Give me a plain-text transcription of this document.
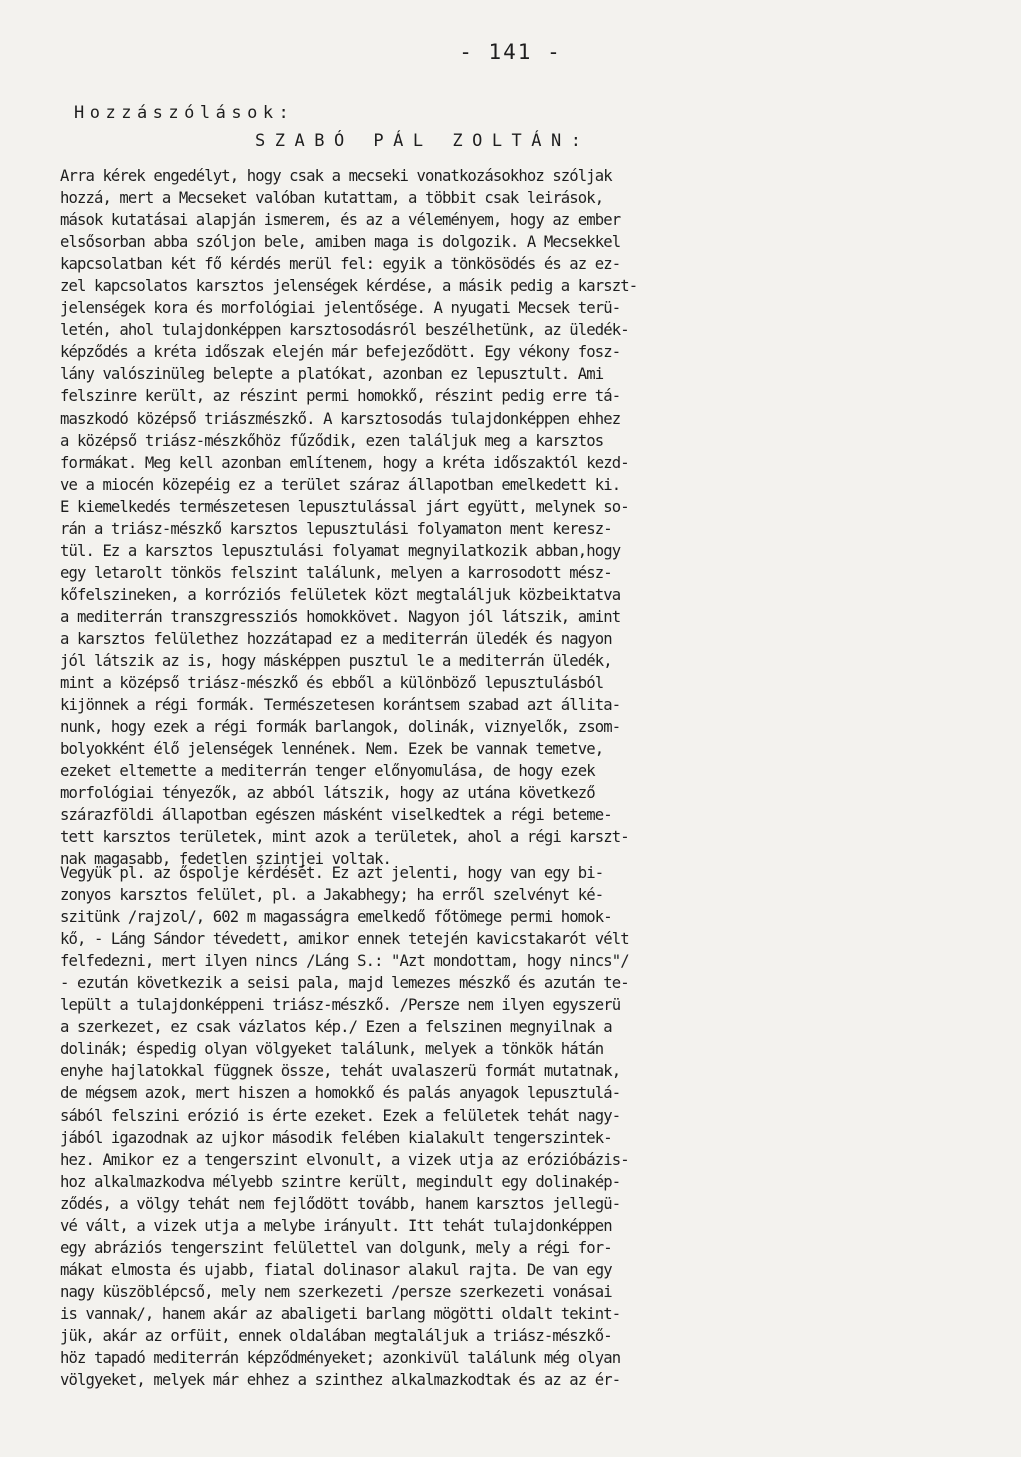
- 141 -
Hozzászólások:
SZABÓ PÁL ZOLTÁN:
Arra kérek engedélyt, hogy csak a mecseki vonatkozásokhoz szóljak
hozzá, mert a Mecseket valóban kutattam, a többit csak leirások,
mások kutatásai alapján ismerem, és az a véleményem, hogy az ember
elsősorban abba szóljon bele, amiben maga is dolgozik. A Mecsekkel
kapcsolatban két fő kérdés merül fel: egyik a tönkösödés és az ez-
zel kapcsolatos karsztos jelenségek kérdése, a másik pedig a karszt-
jelenségek kora és morfológiai jelentősége. A nyugati Mecsek terü-
letén, ahol tulajdonképpen karsztosodásról beszélhetünk, az üledék-
képződés a kréta időszak elején már befejeződött. Egy vékony fosz-
lány valószinüleg belepte a platókat, azonban ez lepusztult. Ami
felszinre került, az részint permi homokkő, részint pedig erre tá-
maszkodó középső triászmészkő. A karsztosodás tulajdonképpen ehhez
a középső triász-mészkőhöz fűződik, ezen találjuk meg a karsztos
formákat. Meg kell azonban említenem, hogy a kréta időszaktól kezd-
ve a miocén közepéig ez a terület száraz állapotban emelkedett ki.
E kiemelkedés természetesen lepusztulással járt együtt, melynek so-
rán a triász-mészkő karsztos lepusztulási folyamaton ment keresz-
tül. Ez a karsztos lepusztulási folyamat megnyilatkozik abban,hogy
egy letarolt tönkös felszint találunk, melyen a karrosodott mész-
kőfelszineken, a korróziós felületek közt megtaláljuk közbeiktatva
a mediterrán transzgressziós homokkövet. Nagyon jól látszik, amint
a karsztos felülethez hozzátapad ez a mediterrán üledék és nagyon
jól látszik az is, hogy másképpen pusztul le a mediterrán üledék,
mint a középső triász-mészkő és ebből a különböző lepusztulásból
kijönnek a régi formák. Természetesen korántsem szabad azt állita-
nunk, hogy ezek a régi formák barlangok, dolinák, viznyelők, zsom-
bolyokként élő jelenségek lennének. Nem. Ezek be vannak temetve,
ezeket eltemette a mediterrán tenger előnyomulása, de hogy ezek
morfológiai tényezők, az abból látszik, hogy az utána következő
szárazföldi állapotban egészen másként viselkedtek a régi beteme-
tett karsztos területek, mint azok a területek, ahol a régi karszt-
nak magasabb, fedetlen szintjei voltak.
Vegyük pl. az őspolje kérdését. Ez azt jelenti, hogy van egy bi-
zonyos karsztos felület, pl. a Jakabhegy; ha erről szelvényt ké-
szitünk /rajzol/, 602 m magasságra emelkedő főtömege permi homok-
kő, - Láng Sándor tévedett, amikor ennek tetején kavicstakarót vélt
felfedezni, mert ilyen nincs /Láng S.: "Azt mondottam, hogy nincs"/
- ezután következik a seisi pala, majd lemezes mészkő és azután te-
lepült a tulajdonképpeni triász-mészkő. /Persze nem ilyen egyszerü
a szerkezet, ez csak vázlatos kép./ Ezen a felszinen megnyilnak a
dolinák; éspedig olyan völgyeket találunk, melyek a tönkök hátán
enyhe hajlatokkal függnek össze, tehát uvalaszerü formát mutatnak,
de mégsem azok, mert hiszen a homokkő és palás anyagok lepusztulá-
sából felszini erózió is érte ezeket. Ezek a felületek tehát nagy-
jából igazodnak az ujkor második felében kialakult tengerszintek-
hez. Amikor ez a tengerszint elvonult, a vizek utja az erózióbázis-
hoz alkalmazkodva mélyebb szintre került, megindult egy dolinakép-
ződés, a völgy tehát nem fejlődött tovább, hanem karsztos jellegü-
vé vált, a vizek utja a melybe irányult. Itt tehát tulajdonképpen
egy abráziós tengerszint felülettel van dolgunk, mely a régi for-
mákat elmosta és ujabb, fiatal dolinasor alakul rajta. De van egy
nagy küszöblépcső, mely nem szerkezeti /persze szerkezeti vonásai
is vannak/, hanem akár az abaligeti barlang mögötti oldalt tekint-
jük, akár az orfüit, ennek oldalában megtaláljuk a triász-mészkő-
höz tapadó mediterrán képződményeket; azonkivül találunk még olyan
völgyeket, melyek már ehhez a szinthez alkalmazkodtak és az az ér-
